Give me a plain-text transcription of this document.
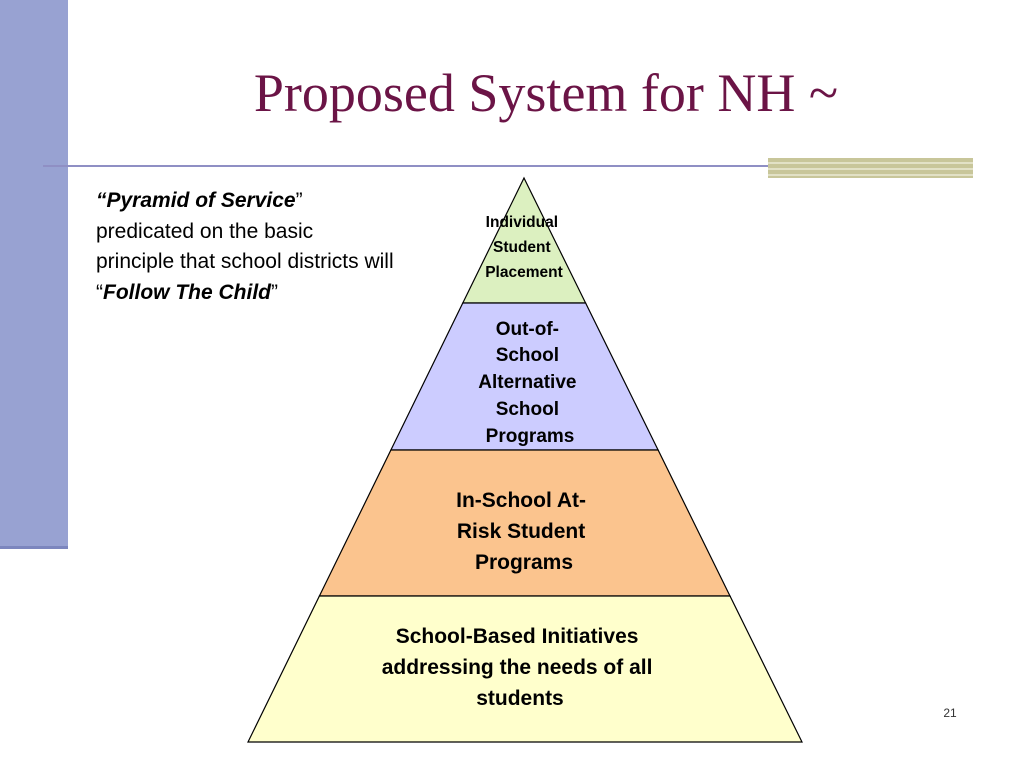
Proposed System for NH ~

“Pyramid of Service” predicated on the basic principle that school districts will “Follow The Child”

Individual Student Placement
Out-of- School Alternative School Programs
In-School At- Risk Student Programs
School-Based Initiatives addressing the needs of all students
21
